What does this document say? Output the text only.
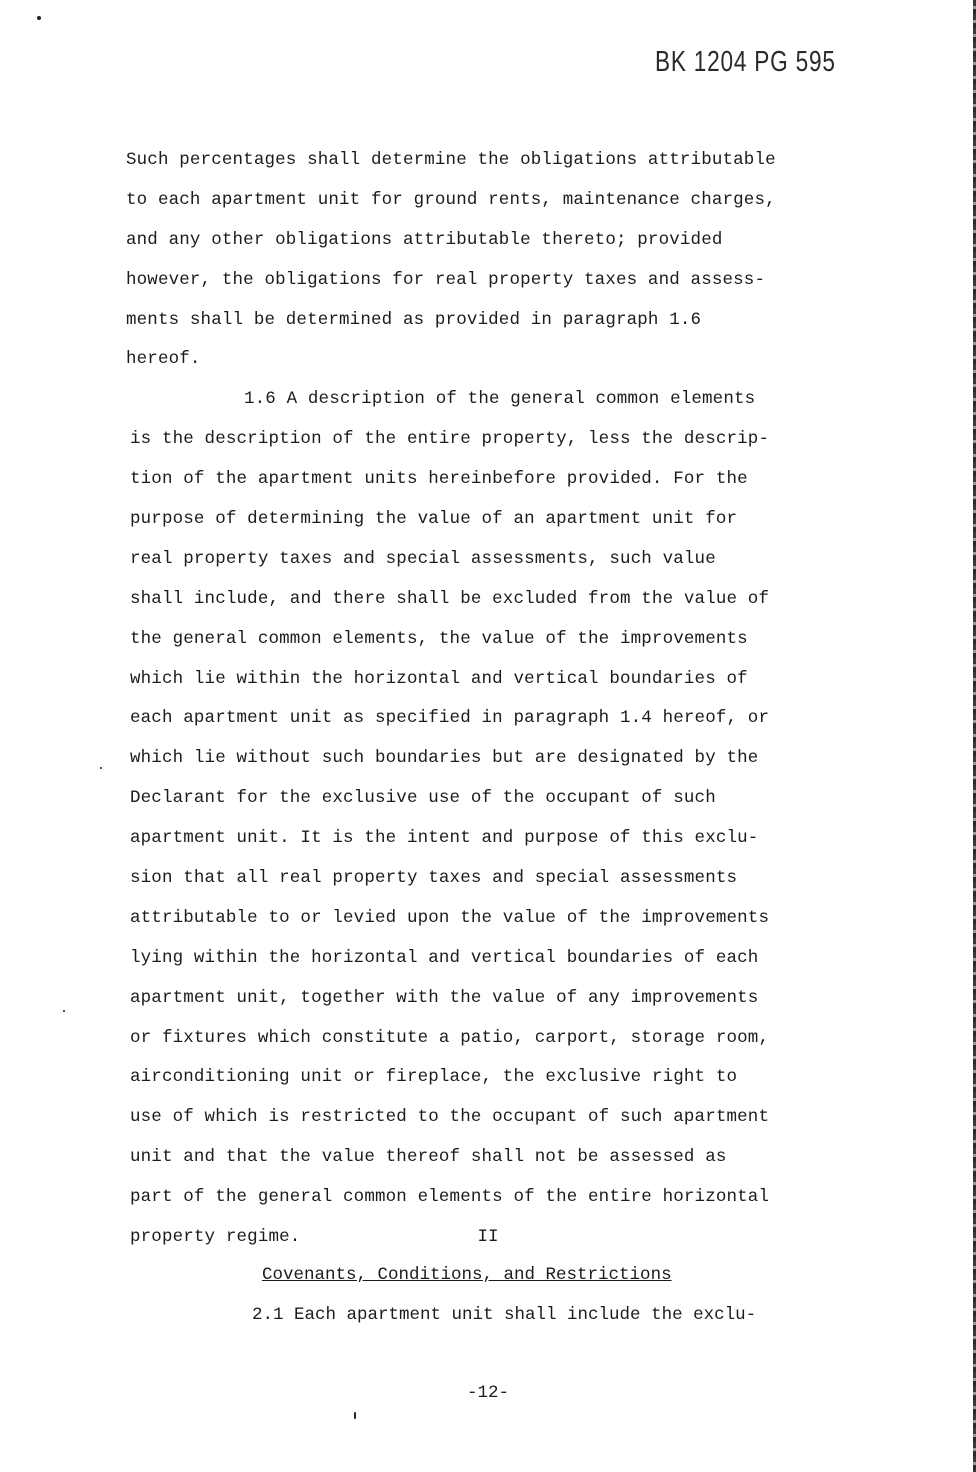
BK 1204 PG 595
Such percentages shall determine the obligations attributable
to each apartment unit for ground rents, maintenance charges,
and any other obligations attributable thereto; provided
however, the obligations for real property taxes and assess-
ments shall be determined as provided in paragraph 1.6
hereof.
1.6 A description of the general common elements
is the description of the entire property, less the descrip-
tion of the apartment units hereinbefore provided. For the
purpose of determining the value of an apartment unit for
real property taxes and special assessments, such value
shall include, and there shall be excluded from the value of
the general common elements, the value of the improvements
which lie within the horizontal and vertical boundaries of
each apartment unit as specified in paragraph 1.4 hereof, or
which lie without such boundaries but are designated by the
Declarant for the exclusive use of the occupant of such
apartment unit. It is the intent and purpose of this exclu-
sion that all real property taxes and special assessments
attributable to or levied upon the value of the improvements
lying within the horizontal and vertical boundaries of each
apartment unit, together with the value of any improvements
or fixtures which constitute a patio, carport, storage room,
airconditioning unit or fireplace, the exclusive right to
use of which is restricted to the occupant of such apartment
unit and that the value thereof shall not be assessed as
part of the general common elements of the entire horizontal
property regime.	II
Covenants, Conditions, and Restrictions
2.1 Each apartment unit shall include the exclu-
-12-
